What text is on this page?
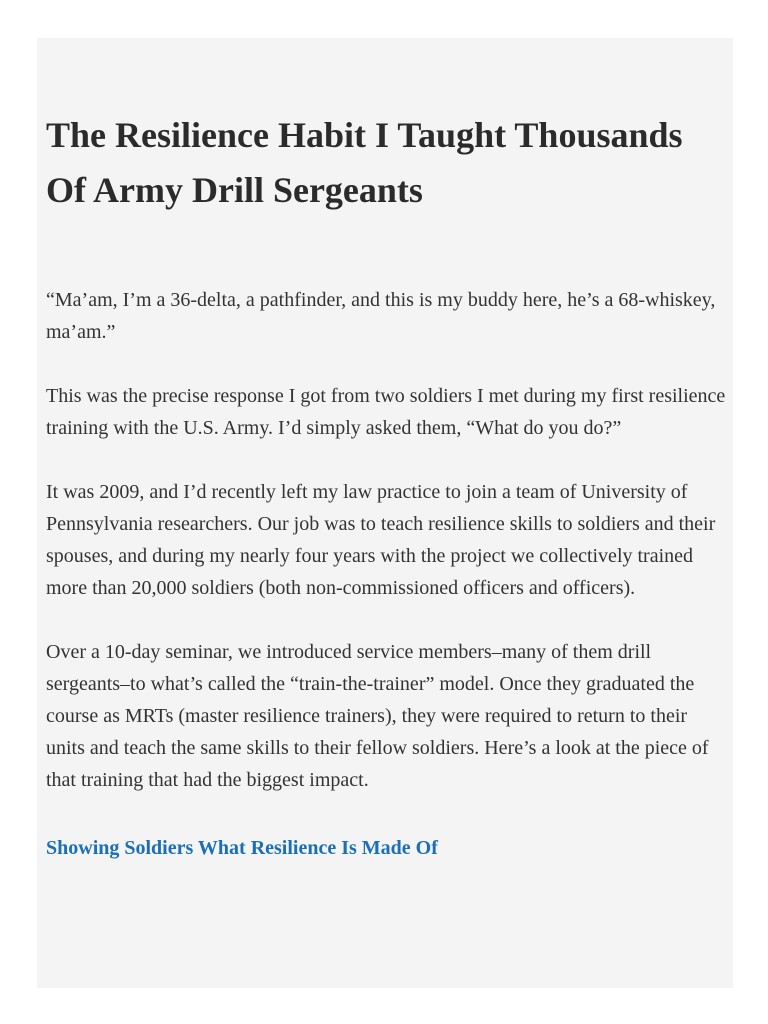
The Resilience Habit I Taught Thousands Of Army Drill Sergeants

“Ma’am, I’m a 36-delta, a pathfinder, and this is my buddy here, he’s a 68-whiskey, ma’am.”

This was the precise response I got from two soldiers I met during my first resilience training with the U.S. Army. I’d simply asked them, “What do you do?”

It was 2009, and I’d recently left my law practice to join a team of University of Pennsylvania researchers. Our job was to teach resilience skills to soldiers and their spouses, and during my nearly four years with the project we collectively trained more than 20,000 soldiers (both non-commissioned officers and officers).

Over a 10-day seminar, we introduced service members–many of them drill sergeants–to what’s called the “train-the-trainer” model. Once they graduated the course as MRTs (master resilience trainers), they were required to return to their units and teach the same skills to their fellow soldiers. Here’s a look at the piece of that training that had the biggest impact.

Showing Soldiers What Resilience Is Made Of
